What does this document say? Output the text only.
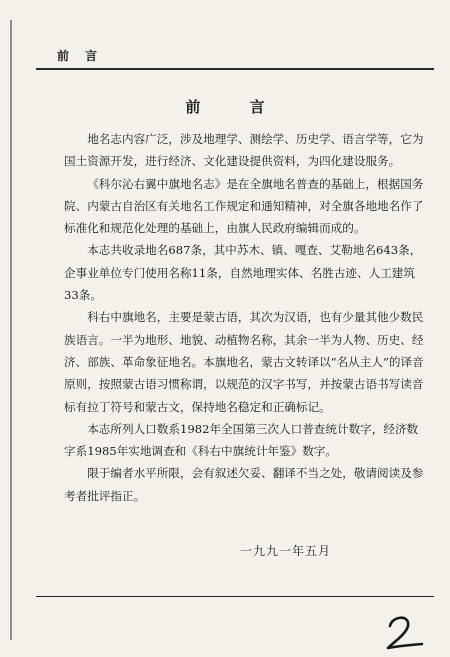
前 言
前 言

地名志内容广泛，涉及地理学、测绘学、历史学、语言学等，它为国土资源开发，进行经济、文化建设提供资料，为四化建设服务。

《科尔沁右翼中旗地名志》是在全旗地名普查的基础上，根据国务院、内蒙古自治区有关地名工作规定和通知精神，对全旗各地地名作了标准化和规范化处理的基础上，由旗人民政府编辑而成的。

本志共收录地名687条，其中苏木、镇、嘎查、艾勒地名643条，企事业单位专门使用名称11条，自然地理实体、名胜古迹、人工建筑33条。

科右中旗地名，主要是蒙古语，其次为汉语，也有少量其他少数民族语言。一半为地形、地貌、动植物名称，其余一半为人物、历史、经济、部族、革命象征地名。本旗地名，蒙古文转译以“名从主人”的译音原则，按照蒙古语习惯称谓，以规范的汉字书写，并按蒙古语书写读音标有拉丁符号和蒙古文，保持地名稳定和正确标记。

本志所列人口数系1982年全国第三次人口普查统计数字，经济数字系1985年实地调查和《科右中旗统计年鉴》数字。

限于编者水平所限，会有叙述欠妥、翻译不当之处，敬请阅读及参考者批评指正。

一九九一年五月
